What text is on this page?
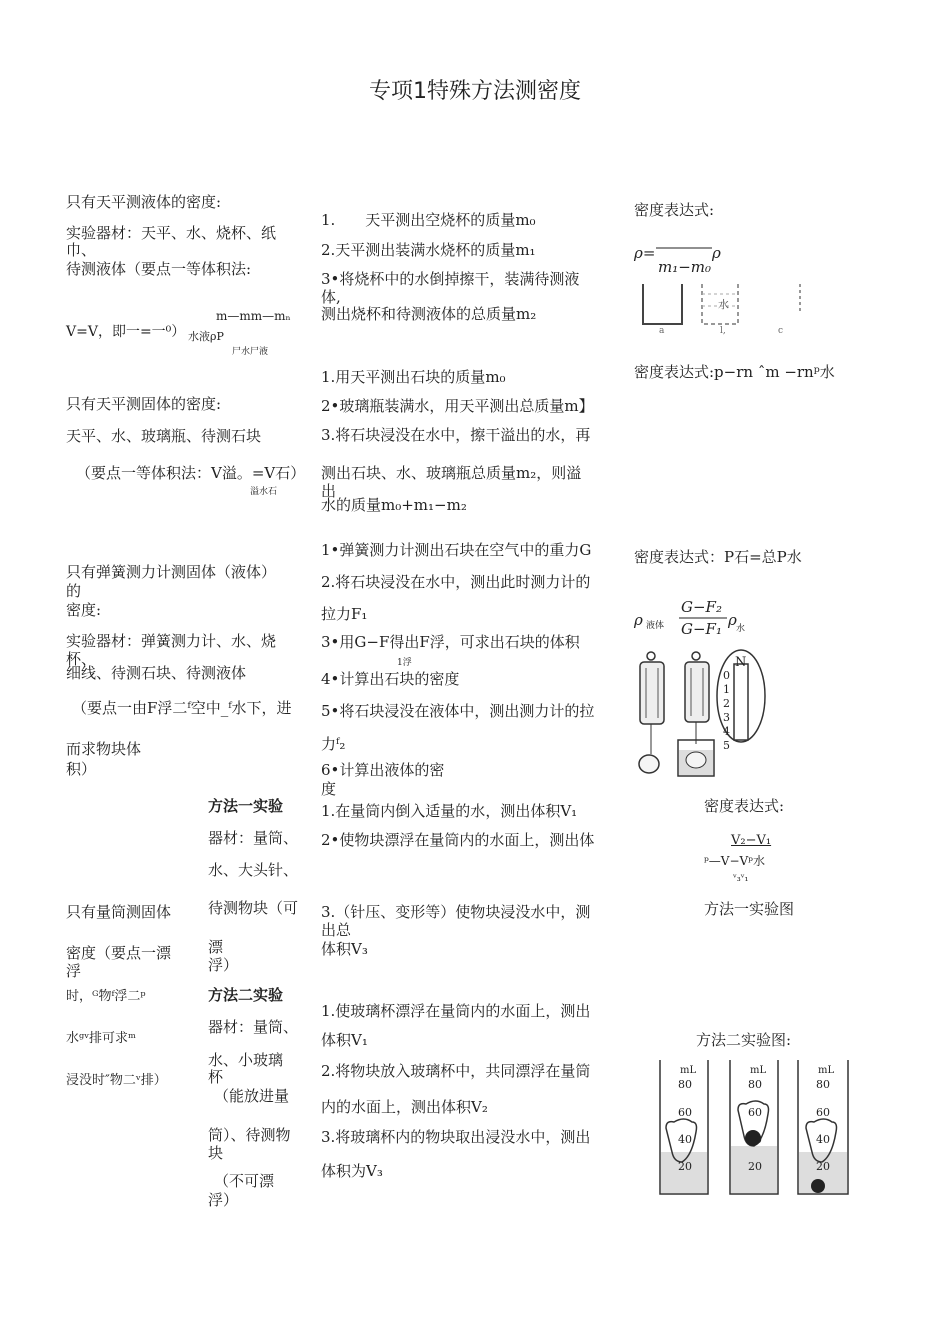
专项1特殊方法测密度
只有天平测液体的密度:
实验器材：天平、水、烧杯、纸
巾、
待测液体（要点一等体积法:
m—mm—mₙ
V=V，即一=一⁰） 水液ρP
尸水尸液
1.　　天平测出空烧杯的质量m₀
2.天平测出装满水烧杯的质量m₁
3•将烧杯中的水倒掉擦干，装满待测液
体,
测出烧杯和待测液体的总质量m₂
密度表达式:
ρ=
m₁−m₀
ρ
a	l,
水
c
只有天平测固体的密度:
天平、水、玻璃瓶、待测石块
（要点一等体积法：V溢。=V石）
溢水石
1.用天平测出石块的质量m₀
2•玻璃瓶装满水，用天平测出总质量m】
3.将石块浸没在水中，擦干溢出的水，再
测出石块、水、玻璃瓶总质量m₂，则溢
出
水的质量m₀+m₁−m₂
密度表达式:p−rn ˆm −rnᵖ水
只有弹簧测力计测固体（液体）
的
密度:
实验器材：弹簧测力计、水、烧
杯、
细线、待测石块、待测液体
（要点一由F浮二ᶠ空中_ᶠ水下，进
而求物块体
积）
1•弹簧测力计测出石块在空气中的重力G
2.将石块浸没在水中，测出此时测力计的
拉力F₁
3•用G−F得出F浮，可求出石块的体积
1浮
4•计算出石块的密度
5•将石块浸没在液体中，测出测力计的拉
力ᶠ₂
6•计算出液体的密
度
密度表达式：P石=总P水
ρ 液体
G−F₂
G−F₁ ρ 水
N
0
1
2
3
4
5
只有量筒测固体
密度（要点一漂
浮
时，ᴳ物ᶠ浮二ᵖ
水ᵍᵛ排可求ᵐ
浸没时″物二ᵛ排）
方法一实验
器材：量筒、
水、大头针、
待测物块（可
漂
浮）
方法二实验
器材：量筒、
水、小玻璃
杯
（能放进量
筒）、待测物
块
（不可漂
浮）
1.在量筒内倒入适量的水，测出体积V₁
2•使物块漂浮在量筒内的水面上，测出体
3.（针压、变形等）使物块浸没水中，测
出总
体积V₃
1.使玻璃杯漂浮在量筒内的水面上，测出
体积V₁
2.将物块放入玻璃杯中，共同漂浮在量筒
内的水面上，测出体积V₂
3.将玻璃杯内的物块取出浸没水中，测出
体积为V₃
密度表达式:
V₂−V₁
ᵖ—V−Vᵖ水
ᵛ₃ᵛ₁
方法一实验图
方法二实验图:
mL	mL	mL
80
60
40
20
80
60
40
20
80
60
40
20
